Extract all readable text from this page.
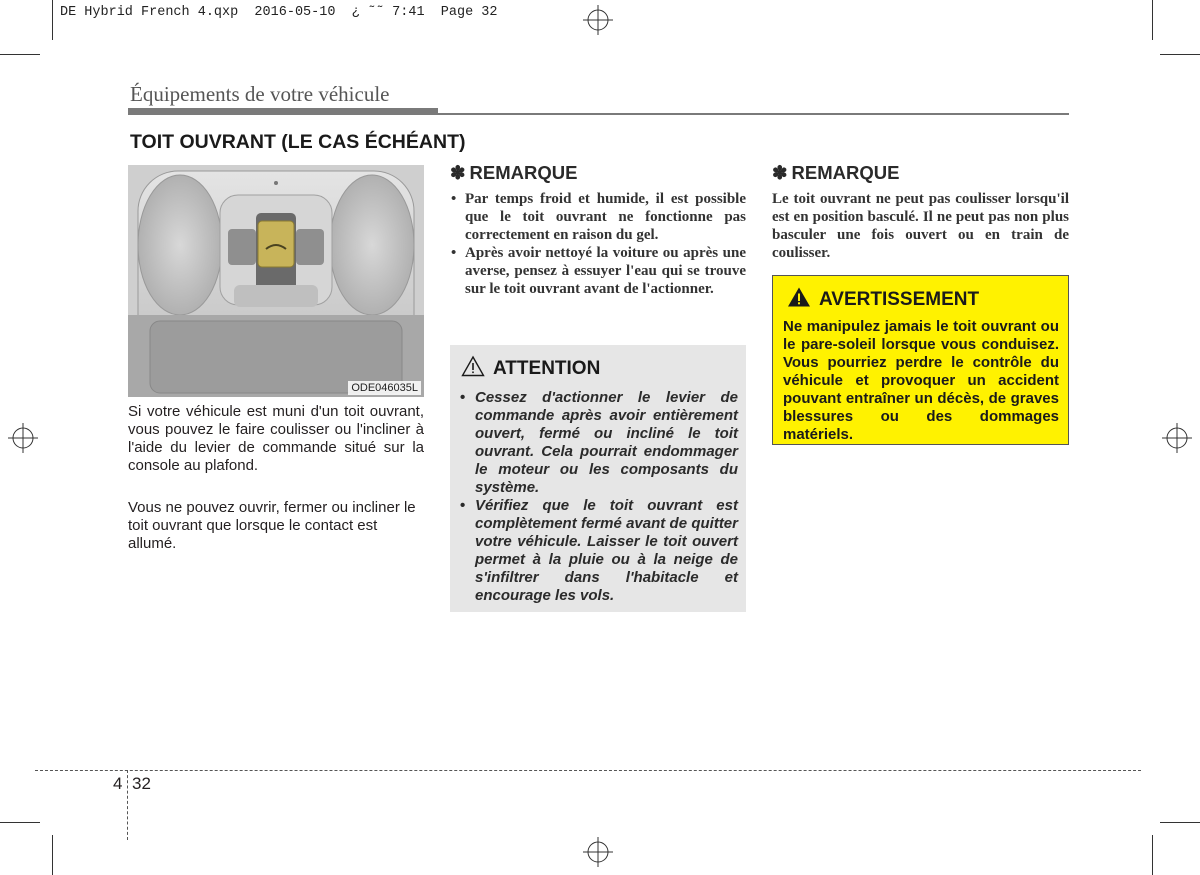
DE Hybrid French 4.qxp  2016-05-10  ¿ ˜˜ 7:41  Page 32
Équipements de votre véhicule
TOIT OUVRANT (LE CAS ÉCHÉANT)
ODE046035L
Si votre véhicule est muni d'un toit ouvrant, vous pouvez le faire coulisser ou l'incliner à l'aide du levier de commande situé sur la console au plafond.
Vous ne pouvez ouvrir, fermer ou incliner le toit ouvrant que lorsque le contact est allumé.
✽ REMARQUE
• Par temps froid et humide, il est possible que le toit ouvrant ne fonctionne pas correctement en raison du gel.
• Après avoir nettoyé la voiture ou après une averse, pensez à essuyer l'eau qui se trouve sur le toit ouvrant avant de l'actionner.
ATTENTION
• Cessez d'actionner le levier de commande après avoir entièrement ouvert, fermé ou incliné le toit ouvrant. Cela pourrait endommager le moteur ou les composants du système.
• Vérifiez que le toit ouvrant est complètement fermé avant de quitter votre véhicule. Laisser le toit ouvert permet à la pluie ou à la neige de s'infiltrer dans l'habitacle et encourage les vols.
✽ REMARQUE
Le toit ouvrant ne peut pas coulisser lorsqu'il est en position basculé. Il ne peut pas non plus basculer une fois ouvert ou en train de coulisser.
AVERTISSEMENT
Ne manipulez jamais le toit ouvrant ou le pare-soleil lorsque vous conduisez. Vous pourriez perdre le contrôle du véhicule et provoquer un accident pouvant entraîner un décès, de graves blessures ou des dommages matériels.
4 32
